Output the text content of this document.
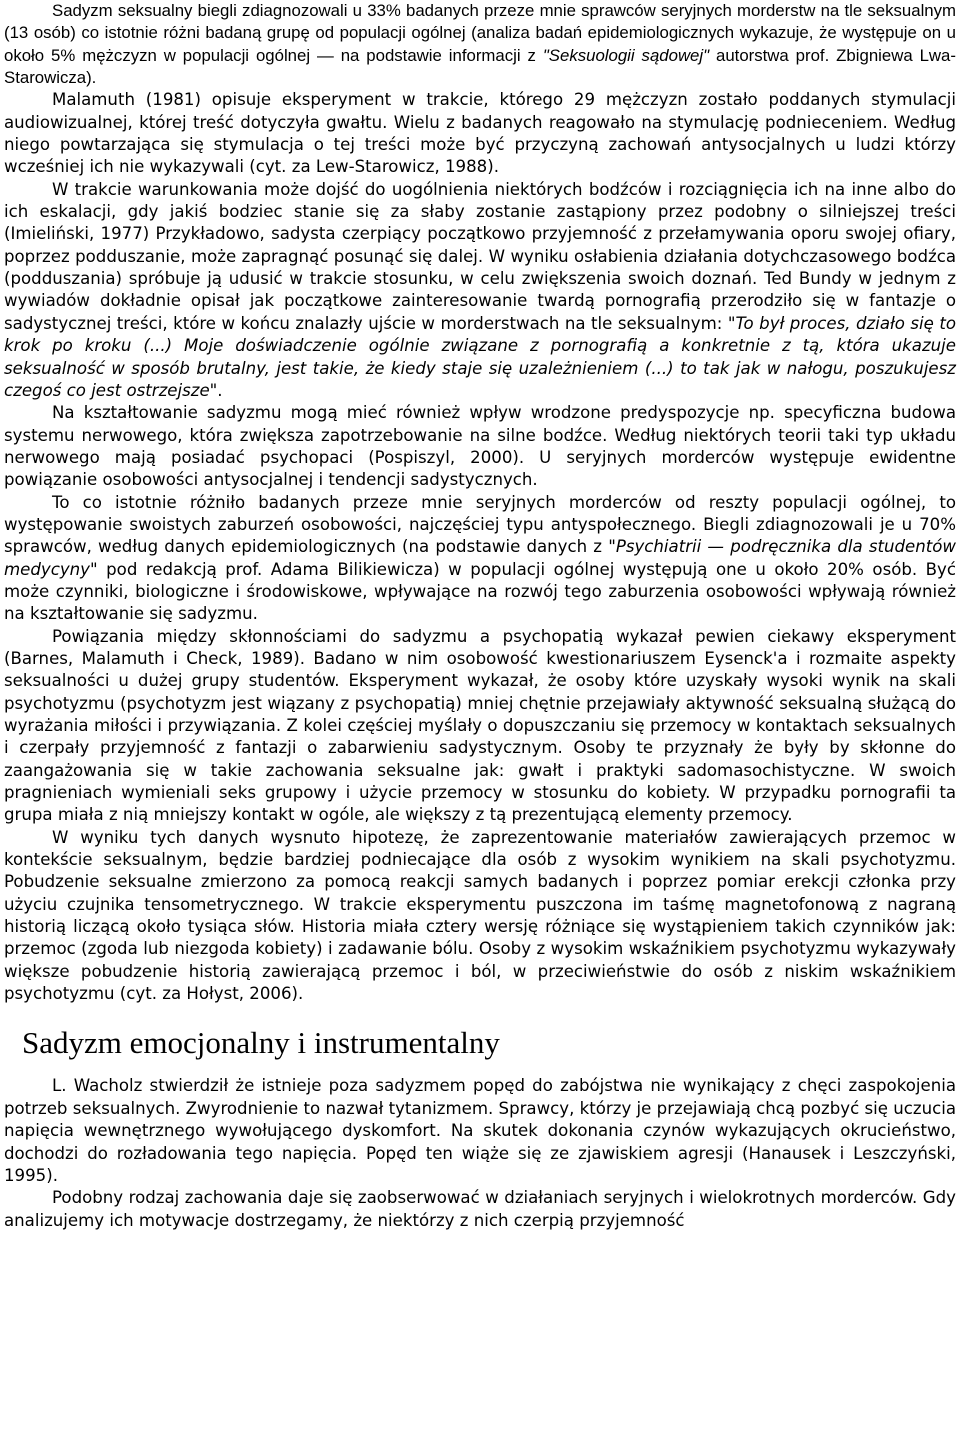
Sadyzm seksualny biegli zdiagnozowali u 33% badanych przeze mnie sprawców seryjnych morderstw na tle seksualnym (13 osób) co istotnie różni badaną grupę od populacji ogólnej (analiza badań epidemiologicznych wykazuje, że występuje on u około 5% mężczyzn w populacji ogólnej — na podstawie informacji z "Seksuologii sądowej" autorstwa prof. Zbigniewa Lwa-Starowicza).

Malamuth (1981) opisuje eksperyment w trakcie, którego 29 mężczyzn zostało poddanych stymulacji audiowizualnej, której treść dotyczyła gwałtu. Wielu z badanych reagowało na stymulację podnieceniem. Według niego powtarzająca się stymulacja o tej treści może być przyczyną zachowań antysocjalnych u ludzi którzy wcześniej ich nie wykazywali (cyt. za Lew-Starowicz, 1988).

W trakcie warunkowania może dojść do uogólnienia niektórych bodźców i rozciągnięcia ich na inne albo do ich eskalacji, gdy jakiś bodziec stanie się za słaby zostanie zastąpiony przez podobny o silniejszej treści (Imieliński, 1977) Przykładowo, sadysta czerpiący początkowo przyjemność z przełamywania oporu swojej ofiary, poprzez podduszanie, może zapragnąć posunąć się dalej. W wyniku osłabienia działania dotychczasowego bodźca (podduszania) spróbuje ją udusić w trakcie stosunku, w celu zwiększenia swoich doznań. Ted Bundy w jednym z wywiadów dokładnie opisał jak początkowe zainteresowanie twardą pornografią przerodziło się w fantazje o sadystycznej treści, które w końcu znalazły ujście w morderstwach na tle seksualnym: "To był proces, działo się to krok po kroku (...) Moje doświadczenie ogólnie związane z pornografią a konkretnie z tą, która ukazuje seksualność w sposób brutalny, jest takie, że kiedy staje się uzależnieniem (...) to tak jak w nałogu, poszukujesz czegoś co jest ostrzejsze".

Na kształtowanie sadyzmu mogą mieć również wpływ wrodzone predyspozycje np. specyficzna budowa systemu nerwowego, która zwiększa zapotrzebowanie na silne bodźce. Według niektórych teorii taki typ układu nerwowego mają posiadać psychopaci (Pospiszyl, 2000). U seryjnych morderców występuje ewidentne powiązanie osobowości antysocjalnej i tendencji sadystycznych.

To co istotnie różniło badanych przeze mnie seryjnych morderców od reszty populacji ogólnej, to występowanie swoistych zaburzeń osobowości, najczęściej typu antyspołecznego. Biegli zdiagnozowali je u 70% sprawców, według danych epidemiologicznych (na podstawie danych z "Psychiatrii — podręcznika dla studentów medycyny" pod redakcją prof. Adama Bilikiewicza) w populacji ogólnej występują one u około 20% osób. Być może czynniki, biologiczne i środowiskowe, wpływające na rozwój tego zaburzenia osobowości wpływają również na kształtowanie się sadyzmu.

Powiązania między skłonnościami do sadyzmu a psychopatią wykazał pewien ciekawy eksperyment (Barnes, Malamuth i Check, 1989). Badano w nim osobowość kwestionariuszem Eysenck'a i rozmaite aspekty seksualności u dużej grupy studentów. Eksperyment wykazał, że osoby które uzyskały wysoki wynik na skali psychotyzmu (psychotyzm jest wiązany z psychopatią) mniej chętnie przejawiały aktywność seksualną służącą do wyrażania miłości i przywiązania. Z kolei częściej myślały o dopuszczaniu się przemocy w kontaktach seksualnych i czerpały przyjemność z fantazji o zabarwieniu sadystycznym. Osoby te przyznały że były by skłonne do zaangażowania się w takie zachowania seksualne jak: gwałt i praktyki sadomasochistyczne. W swoich pragnieniach wymieniali seks grupowy i użycie przemocy w stosunku do kobiety. W przypadku pornografii ta grupa miała z nią mniejszy kontakt w ogóle, ale większy z tą prezentującą elementy przemocy.

W wyniku tych danych wysnuto hipotezę, że zaprezentowanie materiałów zawierających przemoc w kontekście seksualnym, będzie bardziej podniecające dla osób z wysokim wynikiem na skali psychotyzmu. Pobudzenie seksualne zmierzono za pomocą reakcji samych badanych i poprzez pomiar erekcji członka przy użyciu czujnika tensometrycznego. W trakcie eksperymentu puszczona im taśmę magnetofonową z nagraną historią liczącą około tysiąca słów. Historia miała cztery wersję różniące się wystąpieniem takich czynników jak: przemoc (zgoda lub niezgoda kobiety) i zadawanie bólu. Osoby z wysokim wskaźnikiem psychotyzmu wykazywały większe pobudzenie historią zawierającą przemoc i ból, w przeciwieństwie do osób z niskim wskaźnikiem psychotyzmu (cyt. za Hołyst, 2006).

Sadyzm emocjonalny i instrumentalny

L. Wacholz stwierdził że istnieje poza sadyzmem popęd do zabójstwa nie wynikający z chęci zaspokojenia potrzeb seksualnych. Zwyrodnienie to nazwał tytanizmem. Sprawcy, którzy je przejawiają chcą pozbyć się uczucia napięcia wewnętrznego wywołującego dyskomfort. Na skutek dokonania czynów wykazujących okrucieństwo, dochodzi do rozładowania tego napięcia. Popęd ten wiąże się ze zjawiskiem agresji (Hanausek i Leszczyński, 1995).

Podobny rodzaj zachowania daje się zaobserwować w działaniach seryjnych i wielokrotnych morderców. Gdy analizujemy ich motywacje dostrzegamy, że niektórzy z nich czerpią przyjemność
